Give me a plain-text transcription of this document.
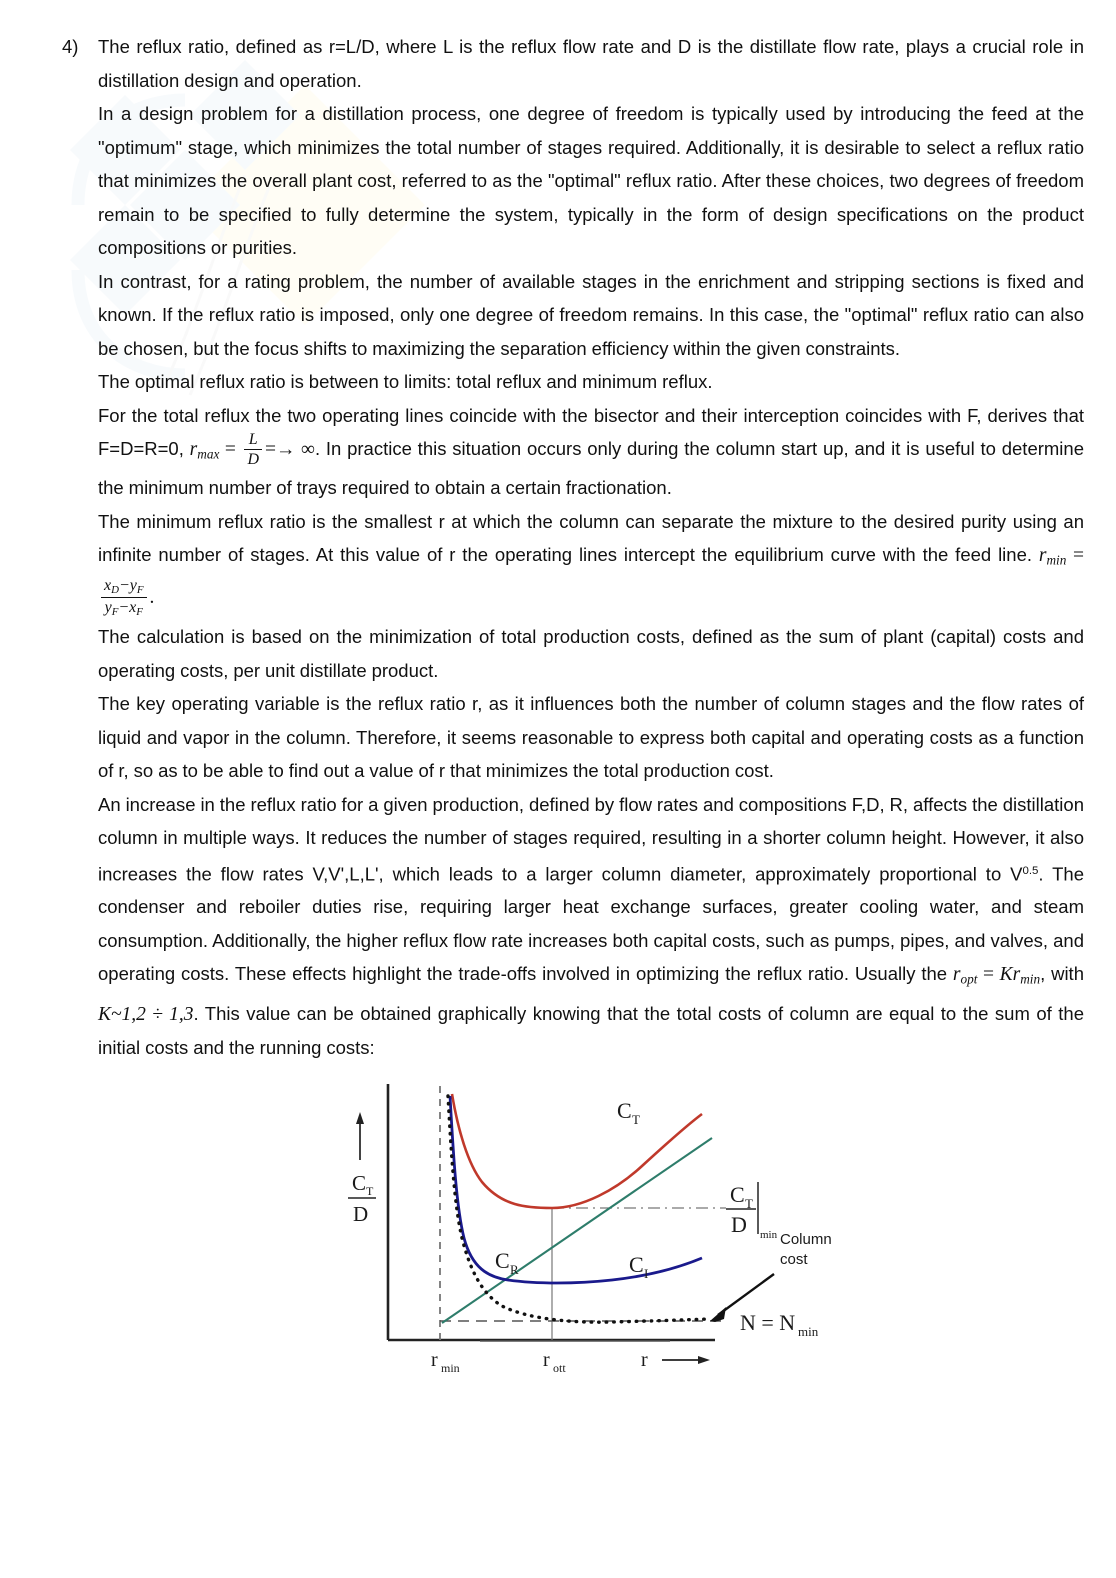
4)	The reflux ratio, defined as r=L/D, where L is the reflux flow rate and D is the distillate flow rate, plays a crucial role in distillation design and operation.

In a design problem for a distillation process, one degree of freedom is typically used by introducing the feed at the "optimum" stage, which minimizes the total number of stages required. Additionally, it is desirable to select a reflux ratio that minimizes the overall plant cost, referred to as the "optimal" reflux ratio. After these choices, two degrees of freedom remain to be specified to fully determine the system, typically in the form of design specifications on the product compositions or purities.

In contrast, for a rating problem, the number of available stages in the enrichment and stripping sections is fixed and known. If the reflux ratio is imposed, only one degree of freedom remains. In this case, the "optimal" reflux ratio can also be chosen, but the focus shifts to maximizing the separation efficiency within the given constraints.

The optimal reflux ratio is between to limits: total reflux and minimum reflux.

For the total reflux the two operating lines coincide with the bisector and their interception coincides with F, derives that F=D=R=0, $r_{max} = \frac{L}{D}$ =→ ∞. In practice this situation occurs only during the column start up, and it is useful to determine the minimum number of trays required to obtain a certain fractionation.

The minimum reflux ratio is the smallest r at which the column can separate the mixture to the desired purity using an infinite number of stages. At this value of r the operating lines intercept the equilibrium curve with the feed line. $r_{min}$ =
$\frac{x_D-y_F}{y_F-x_F}$ .

The calculation is based on the minimization of total production costs, defined as the sum of plant (capital) costs and operating costs, per unit distillate product.

The key operating variable is the reflux ratio r, as it influences both the number of column stages and the flow rates of liquid and vapor in the column. Therefore, it seems reasonable to express both capital and operating costs as a function of r, so as to be able to find out a value of r that minimizes the total production cost.

An increase in the reflux ratio for a given production, defined by flow rates and compositions F,D, R, affects the distillation column in multiple ways. It reduces the number of stages required, resulting in a shorter column height. However, it also increases the flow rates V,V',L,L', which leads to a larger column diameter, approximately proportional to $V^{0.5}$. The condenser and reboiler duties rise, requiring larger heat exchange surfaces, greater cooling water, and steam consumption. Additionally, the higher reflux flow rate increases both capital costs, such as pumps, pipes, and valves, and operating costs. These effects highlight the trade-offs involved in optimizing the reflux ratio. Usually the $r_{opt} = Kr_{min}$, with K~1,2 ÷ 1,3. This value can be obtained graphically knowing that the total costs of column are equal to the sum of the initial costs and the running costs:

C T
D
C T
C I
C R
C T
D min Column
cost
N = N min
r min	r ott	r
